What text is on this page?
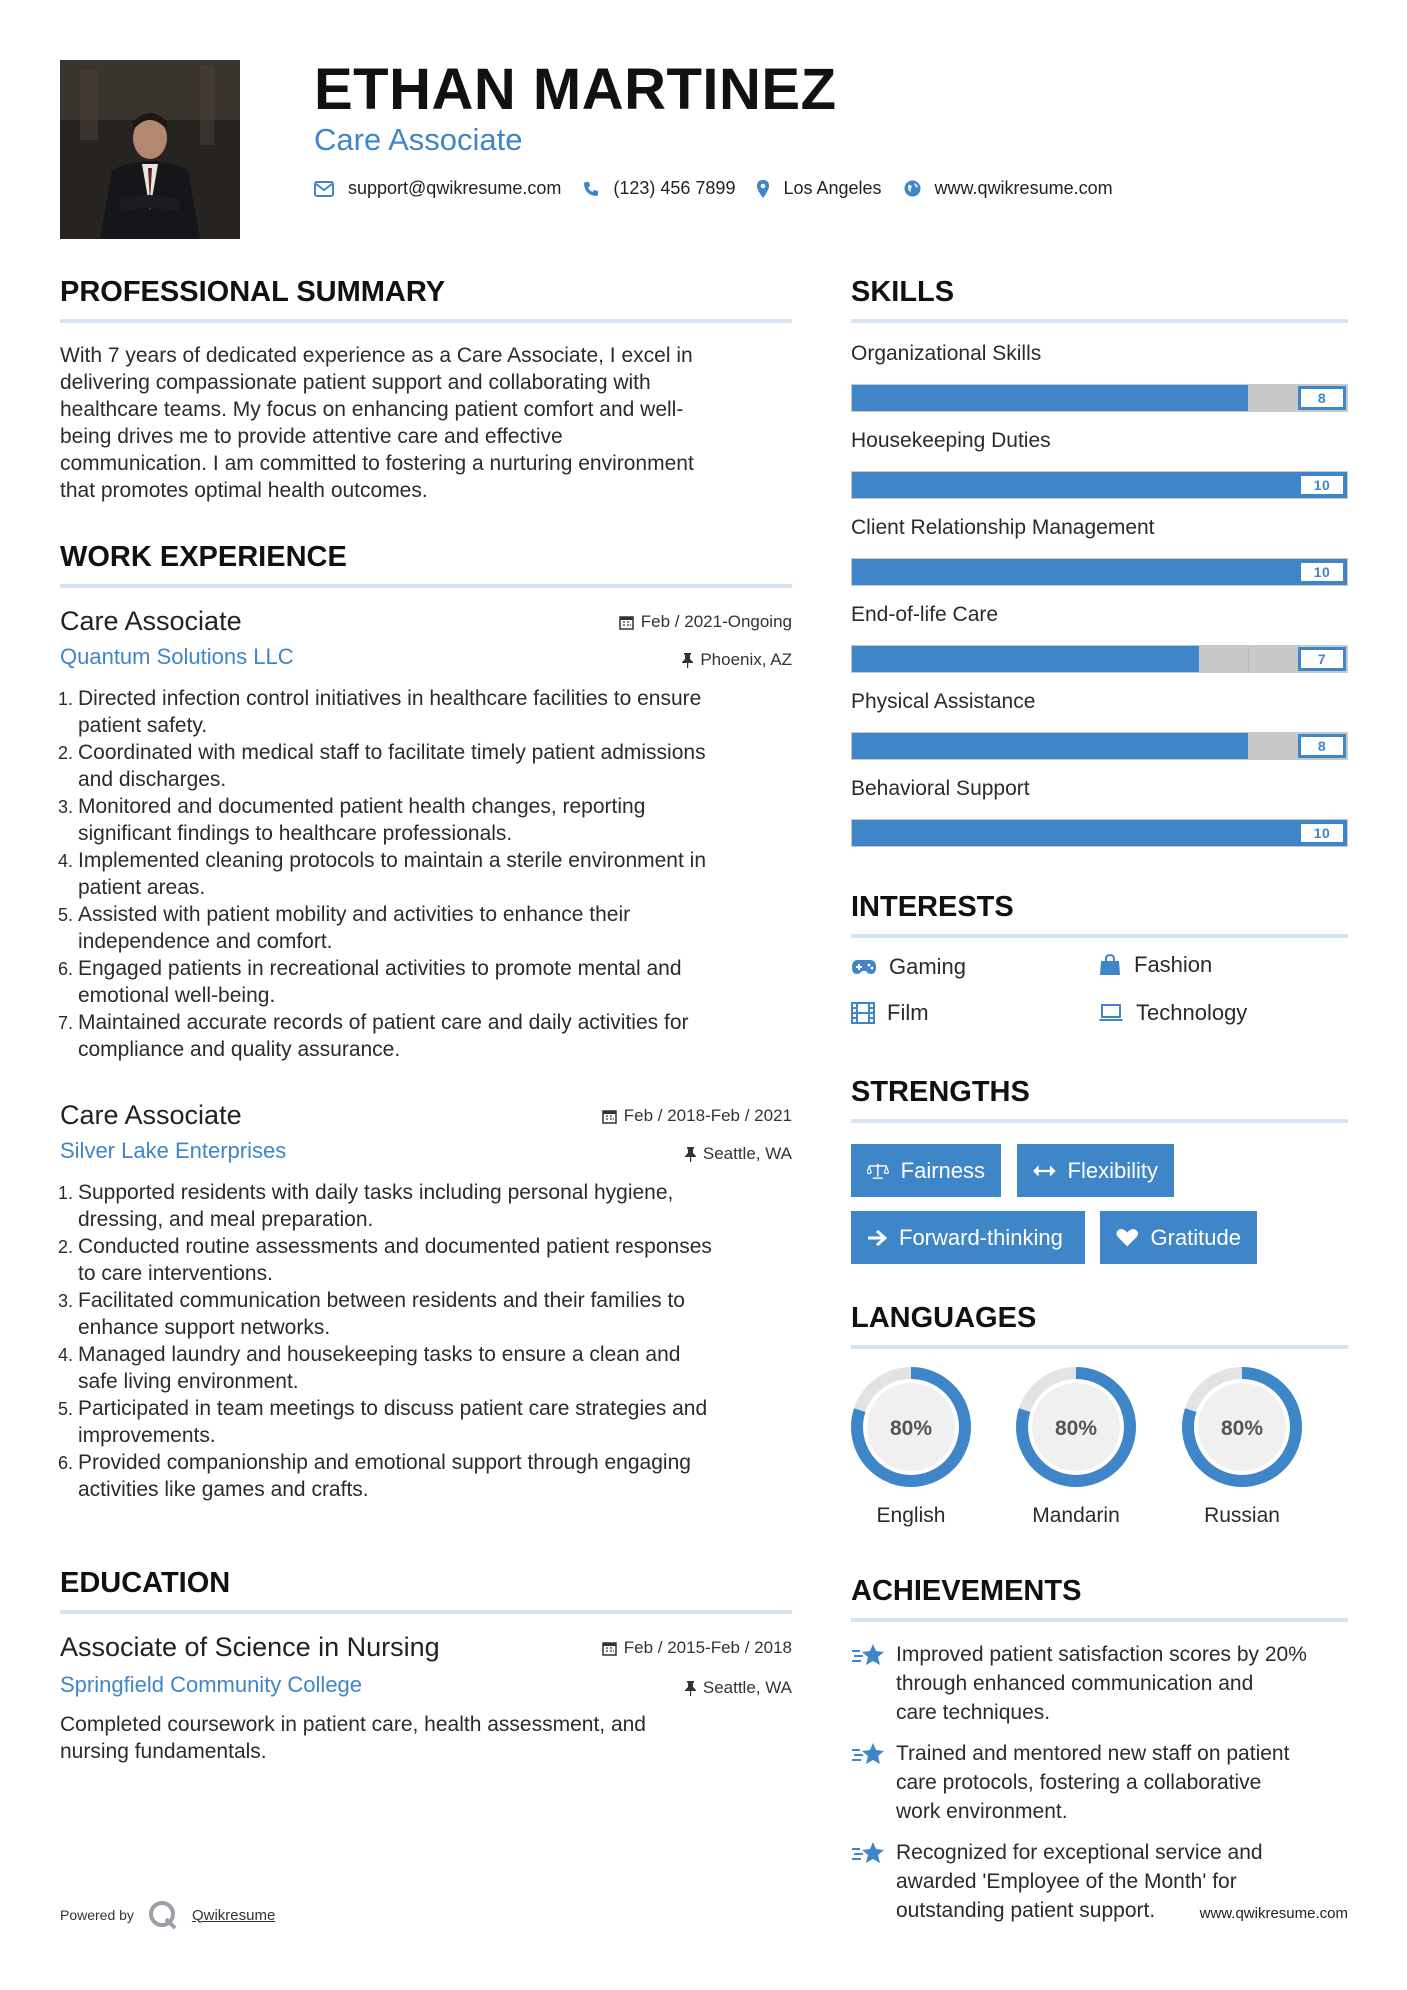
ETHAN MARTINEZ
Care Associate
support@qwikresume.com	(123) 456 7899	Los Angeles	www.qwikresume.com
PROFESSIONAL SUMMARY
With 7 years of dedicated experience as a Care Associate, I excel in
delivering compassionate patient support and collaborating with
healthcare teams. My focus on enhancing patient comfort and well-
being drives me to provide attentive care and effective
communication. I am committed to fostering a nurturing environment
that promotes optimal health outcomes.
WORK EXPERIENCE
Care Associate	Feb / 2021-Ongoing
Quantum Solutions LLC	Phoenix, AZ
1. Directed infection control initiatives in healthcare facilities to ensure
patient safety.
2. Coordinated with medical staff to facilitate timely patient admissions
and discharges.
3. Monitored and documented patient health changes, reporting
significant findings to healthcare professionals.
4. Implemented cleaning protocols to maintain a sterile environment in
patient areas.
5. Assisted with patient mobility and activities to enhance their
independence and comfort.
6. Engaged patients in recreational activities to promote mental and
emotional well-being.
7. Maintained accurate records of patient care and daily activities for
compliance and quality assurance.
Care Associate	Feb / 2018-Feb / 2021
Silver Lake Enterprises	Seattle, WA
1. Supported residents with daily tasks including personal hygiene,
dressing, and meal preparation.
2. Conducted routine assessments and documented patient responses
to care interventions.
3. Facilitated communication between residents and their families to
enhance support networks.
4. Managed laundry and housekeeping tasks to ensure a clean and
safe living environment.
5. Participated in team meetings to discuss patient care strategies and
improvements.
6. Provided companionship and emotional support through engaging
activities like games and crafts.
EDUCATION
Associate of Science in Nursing	Feb / 2015-Feb / 2018
Springfield Community College	Seattle, WA
Completed coursework in patient care, health assessment, and
nursing fundamentals.
SKILLS
Organizational Skills
8
Housekeeping Duties
10
Client Relationship Management
10
End-of-life Care
7
Physical Assistance
8
Behavioral Support
10
INTERESTS
Gaming	Fashion
Film	Technology
STRENGTHS
Fairness	Flexibility
Forward-thinking	Gratitude
LANGUAGES
80%
English
80%
Mandarin
80%
Russian
ACHIEVEMENTS
Improved patient satisfaction scores by 20%
through enhanced communication and
care techniques.
Trained and mentored new staff on patient
care protocols, fostering a collaborative
work environment.
Recognized for exceptional service and
awarded 'Employee of the Month' for
outstanding patient support.
Powered by	Qwikresume	www.qwikresume.com
